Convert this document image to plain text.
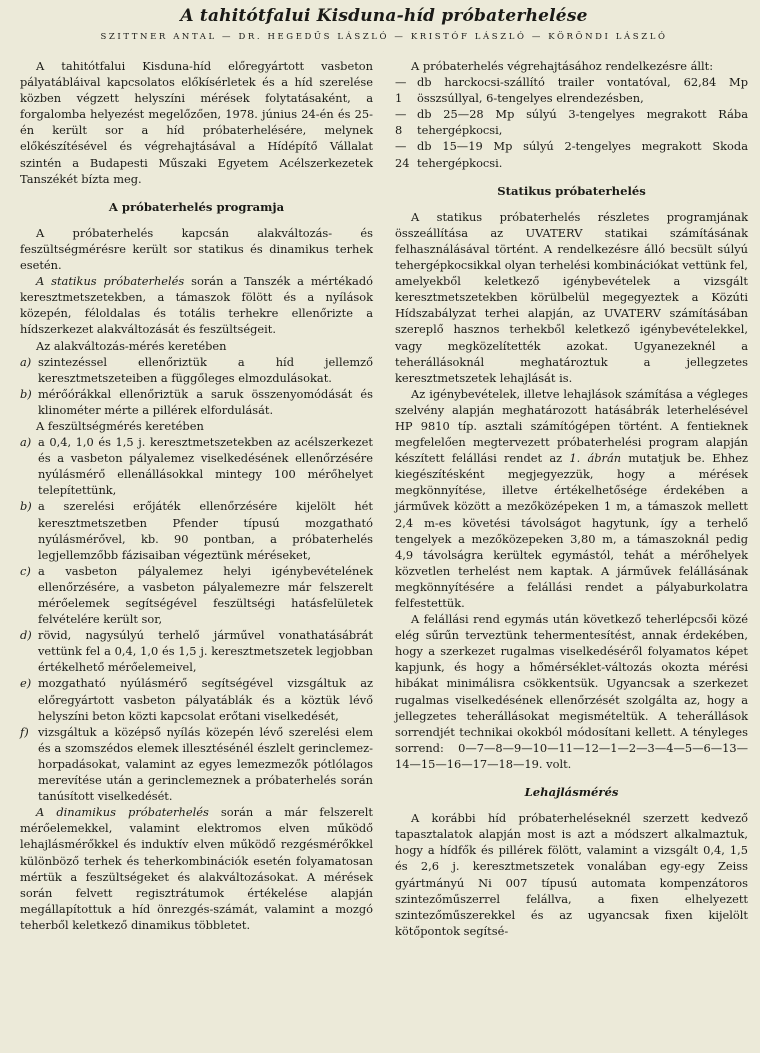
A tahitótfalui Kisduna-híd próbaterhelése
SZITTNER ANTAL — DR. HEGEDŰS LÁSZLÓ — KRISTÓF LÁSZLÓ — KÖRÖNDI LÁSZLÓ

A tahitótfalui Kisduna-híd előregyártott vasbeton pályatábláival kapcsolatos előkísérletek és a híd szerelése közben végzett helyszíni mérések folytatásaként, a forgalomba helyezést megelőzően, 1978. június 24-én és 25-én került sor a híd próbaterhelésére, melynek előkészítésével és végrehajtásával a Hídépítő Vállalat szintén a Budapesti Műszaki Egyetem Acélszerkezetek Tanszékét bízta meg.

A próbaterhelés programja

A próbaterhelés kapcsán alakváltozás- és feszültségmérésre került sor statikus és dinamikus terhek esetén.

A statikus próbaterhelés során a Tanszék a mértékadó keresztmetszetekben, a támaszok fölött és a nyílások közepén, féloldalas és totális terhekre ellenőrizte a hídszerkezet alakváltozását és feszültségeit.

Az alakváltozás-mérés keretében

a) szintezéssel ellenőriztük a híd jellemző keresztmetszeteiben a függőleges elmozdulásokat.
b) mérőórákkal ellenőriztük a saruk összenyomódását és klinométer mérte a pillérek elfordulását.

A feszültségmérés keretében

a) a 0,4, 1,0 és 1,5 j. keresztmetszetekben az acélszerkezet és a vasbeton pályalemez viselkedésének ellenőrzésére nyúlásmérő ellenállásokkal mintegy 100 mérőhelyet telepítettünk,
b) a szerelési erőjáték ellenőrzésére kijelölt hét keresztmetszetben Pfender típusú mozgatható nyúlásmérővel, kb. 90 pontban, a próbaterhelés legjellemzőbb fázisaiban végeztünk méréseket,
c) a vasbeton pályalemez helyi igénybevételének ellenőrzésére, a vasbeton pályalemezre már felszerelt mérőelemek segítségével feszültségi hatásfelületek felvételére került sor,
d) rövid, nagysúlyú terhelő járművel vonathatásábrát vettünk fel a 0,4, 1,0 és 1,5 j. keresztmetszetek legjobban értékelhető mérőelemeivel,
e) mozgatható nyúlásmérő segítségével vizsgáltuk az előregyártott vasbeton pályatáblák és a köztük lévő helyszíni beton közti kapcsolat erőtani viselkedését,
f) vizsgáltuk a középső nyílás közepén lévő szerelési elem és a szomszédos elemek illesztésénél észlelt gerinclemez-horpadásokat, valamint az egyes lemezmezők pótlólagos merevítése után a gerinclemeznek a próbaterhelés során tanúsított viselkedését.

A dinamikus próbaterhelés során a már felszerelt mérőelemekkel, valamint elektromos elven működő lehajlásmérőkkel és induktív elven működő rezgésmérőkkel különböző terhek és teherkombinációk esetén folyamatosan mértük a feszültségeket és alakváltozásokat. A mérések során felvett regisztrátumok értékelése alapján megállapítottuk a híd önrezgés-számát, valamint a mozgó teherből keletkező dinamikus többletet.

A próbaterhelés végrehajtásához rendelkezésre állt:

— 1
db harckocsi-szállító trailer vontatóval, 62,84 Mp összsúllyal, 6-tengelyes elrendezésben,
— 8
db 25—28 Mp súlyú 3-tengelyes megrakott Rába tehergépkocsi,
— 24
db 15—19 Mp súlyú 2-tengelyes megrakott Skoda tehergépkocsi.
Statikus próbaterhelés

A statikus próbaterhelés részletes programjának összeállítása az UVATERV statikai számításának felhasználásával történt. A rendelkezésre álló becsült súlyú tehergépkocsikkal olyan terhelési kombinációkat vettünk fel, amelyekből keletkező igénybevételek a vizsgált keresztmetszetekben körülbelül megegyeztek a Közúti Hídszabályzat terhei alapján, az UVATERV számításában szereplő hasznos terhekből keletkező igénybevételekkel, vagy megközelítették azokat. Ugyanezeknél a teherállásoknál meghatároztuk a jellegzetes keresztmetszetek lehajlását is.

Az igénybevételek, illetve lehajlások számítása a végleges szelvény alapján meghatározott hatásábrák leterhelésével HP 9810 típ. asztali számítógépen történt. A fentieknek megfelelően megtervezett próbaterhelési program alapján készített felállási rendet az 1. ábrán mutatjuk be. Ehhez kiegészítésként megjegyezzük, hogy a mérések megkönnyítése, illetve értékelhetősége érdekében a járművek között a mezőközépeken 1 m, a támaszok mellett 2,4 m-es követési távolságot hagytunk, így a terhelő tengelyek a mezőközepeken 3,80 m, a támaszoknál pedig 4,9 távolságra kerültek egymástól, tehát a mérőhelyek közvetlen terhelést nem kaptak. A járművek felállásának megkönnyítésére a felállási rendet a pályaburkolatra felfestettük.

A felállási rend egymás után következő teherlépcsői közé elég sűrűn terveztünk tehermentesítést, annak érdekében, hogy a szerkezet rugalmas viselkedéséről folyamatos képet kapjunk, és hogy a hőmérséklet-változás okozta mérési hibákat minimálisra csökkentsük. Ugyancsak a szerkezet rugalmas viselkedésének ellenőrzését szolgálta az, hogy a jellegzetes teherállásokat megismételtük. A teherállások sorrendjét technikai okokból módosítani kellett. A tényleges sorrend: 0—7—8—9—10—11—12—1—2—3—4—5—6—13—14—15—16—17—18—19. volt.

Lehajlásmérés

A korábbi híd próbaterheléseknél szerzett kedvező tapasztalatok alapján most is azt a módszert alkalmaztuk, hogy a hídfők és pillérek fölött, valamint a vizsgált 0,4, 1,5 és 2,6 j. keresztmetszetek vonalában egy-egy Zeiss gyártmányú Ni 007 típusú automata kompenzátoros szintezőműszerrel felállva, a fixen elhelyezett szintezőműszerekkel és az ugyancsak fixen kijelölt kötőpontok segítsé-
